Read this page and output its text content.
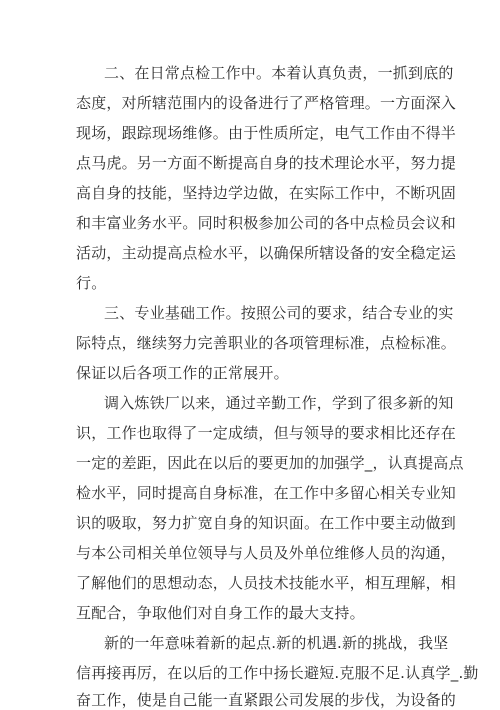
二、在日常点检工作中。本着认真负责，一抓到底的
态度，对所辖范围内的设备进行了严格管理。一方面深入
现场，跟踪现场维修。由于性质所定，电气工作由不得半
点马虎。另一方面不断提高自身的技术理论水平，努力提
高自身的技能，坚持边学边做，在实际工作中，不断巩固
和丰富业务水平。同时积极参加公司的各中点检员会议和
活动，主动提高点检水平，以确保所辖设备的安全稳定运
行。
三、专业基础工作。按照公司的要求，结合专业的实
际特点，继续努力完善职业的各项管理标准，点检标准。
保证以后各项工作的正常展开。
调入炼铁厂以来，通过辛勤工作，学到了很多新的知
识，工作也取得了一定成绩，但与领导的要求相比还存在
一定的差距，因此在以后的要更加的加强学_，认真提高点
检水平，同时提高自身标准，在工作中多留心相关专业知
识的吸取，努力扩宽自身的知识面。在工作中要主动做到
与本公司相关单位领导与人员及外单位维修人员的沟通，
了解他们的思想动态，人员技术技能水平，相互理解，相
互配合，争取他们对自身工作的最大支持。
新的一年意味着新的起点.新的机遇.新的挑战，我坚
信再接再厉，在以后的工作中扬长避短.克服不足.认真学_.勤
奋工作，使是自己能一直紧跟公司发展的步伐，为设备的
